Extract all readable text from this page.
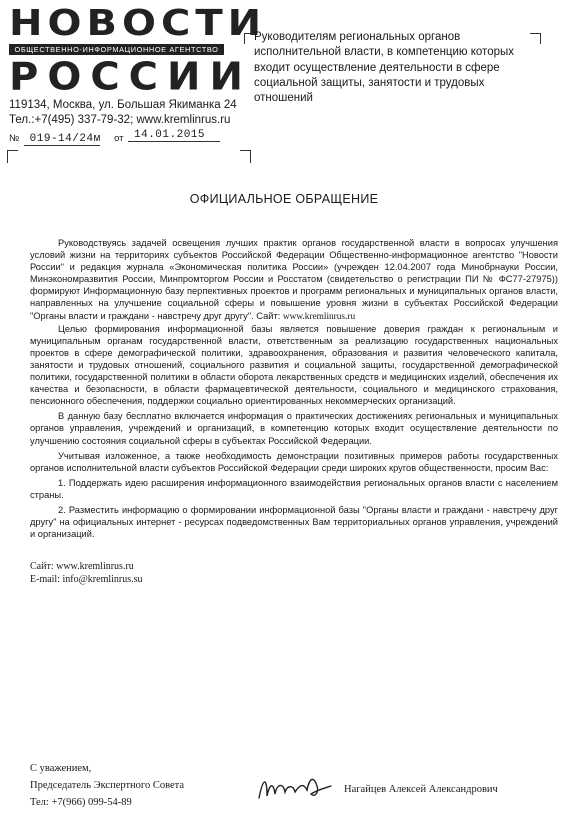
НОВОСТИ
ОБЩЕСТВЕННО-ИНФОРМАЦИОННОЕ АГЕНТСТВО
РОССИИ
119134, Москва, ул. Большая Якиманка 24
Тел.:+7(495) 337-79-32; www.kremlinrus.ru
№ 019-14/24м от 14.01.2015
Руководителям региональных органов исполнительной власти, в компетенцию которых входит осуществление деятельности в сфере социальной защиты, занятости и трудовых отношений
ОФИЦИАЛЬНОЕ ОБРАЩЕНИЕ

Руководствуясь задачей освещения лучших практик органов государственной власти в вопросах улучшения условий жизни на территориях субъектов Российской Федерации Общественно-информационное агентство "Новости России" и редакция журнала «Экономическая политика России» (учрежден 12.04.2007 года Минобрнауки России, Минэкономразвития России, Минпромторгом России и Росстатом (свидетельство о регистрации ПИ № ФС77-27975)) формируют Информационную базу перпективных проектов и программ региональных и муниципальных органов власти, направленных на улучшение социальной сферы и повышение уровня жизни в субъектах Российской Федерации "Органы власти и граждани - навстречу друг другу". Сайт: www.kremlinrus.ru

Целью формирования информационной базы является повышение доверия граждан к региональным и муниципальным органам государственной власти, ответственным за реализацию государственных национальных проектов в сфере демографической политики, здравоохранения, образования и развития человеческого капитала, занятости и трудовых отношений, социального развития и социальной защиты, государственной демографической политики, государственной политики в области оборота лекарственных средств и медицинских изделий, обеспечения их качества и безопасности, в области фармацевтической деятельности, социального и медицинского страхования, пенсионного обеспечения, поддержки социально ориентированных некоммерческих организаций.

В данную базу бесплатно включается информация о практических достижениях региональных и муниципальных органов управления, учреждений и организаций, в компетенцию которых входит осуществление деятельности по улучшению состояния социальной сферы в субъектах Российской Федерации.

Учитывая изложенное, а также необходимость демонстрации позитивных примеров работы государственных органов исполнительной власти субъектов Российской Федерации среди широких кругов общественности, просим Вас:

1. Поддержать идею расширения информационного взаимодействия региональных органов власти с населением страны.

2. Разместить информацию о формировании информационной базы "Органы власти и граждани - навстречу друг другу" на официальных интернет - ресурсах подведомственных Вам территориальных органов управления, учреждений и организаций.

Сайт: www.kremlinrus.ru
E-mail: info@kremlinrus.su
С уважением,
Председатель Экспертного Совета
Тел: +7(966) 099-54-89
Нагайцев Алексей Александрович
